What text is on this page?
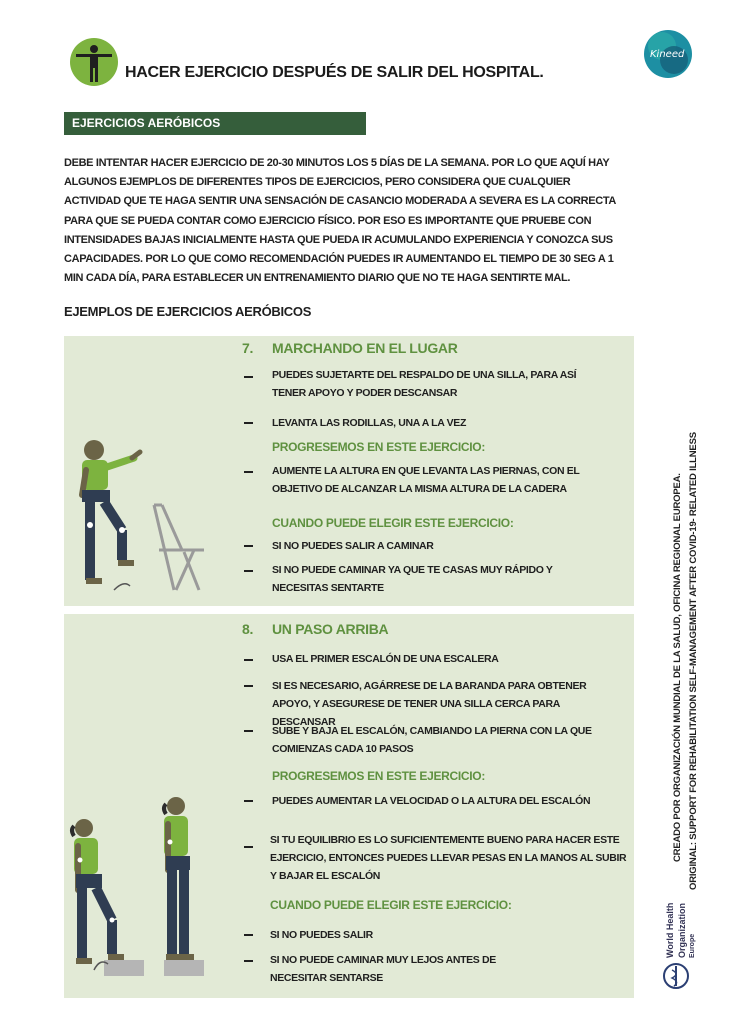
HACER EJERCICIO DESPUÉS DE SALIR DEL HOSPITAL.
Kineed
EJERCICIOS AERÓBICOS
DEBE INTENTAR HACER EJERCICIO DE 20-30 MINUTOS LOS 5 DÍAS DE LA SEMANA. POR LO QUE AQUÍ HAY ALGUNOS EJEMPLOS DE DIFERENTES TIPOS DE EJERCICIOS, PERO CONSIDERA QUE CUALQUIER ACTIVIDAD QUE TE HAGA SENTIR UNA SENSACIÓN DE CASANCIO MODERADA A SEVERA ES LA CORRECTA PARA QUE SE PUEDA CONTAR COMO EJERCICIO FÍSICO. POR ESO ES IMPORTANTE QUE PRUEBE CON INTENSIDADES BAJAS INICIALMENTE HASTA QUE PUEDA IR ACUMULANDO EXPERIENCIA Y CONOZCA SUS CAPACIDADES. POR LO QUE COMO RECOMENDACIÓN PUEDES IR AUMENTANDO EL TIEMPO DE 30 SEG A 1 MIN CADA DÍA, PARA ESTABLECER UN ENTRENAMIENTO DIARIO QUE NO TE HAGA SENTIRTE MAL.
EJEMPLOS DE EJERCICIOS AERÓBICOS
7. MARCHANDO EN EL LUGAR
PUEDES SUJETARTE DEL RESPALDO DE UNA SILLA, PARA ASÍ TENER APOYO Y PODER DESCANSAR
LEVANTA LAS RODILLAS, UNA A LA VEZ
PROGRESEMOS EN ESTE EJERCICIO:
AUMENTE LA ALTURA EN QUE LEVANTA LAS PIERNAS, CON EL OBJETIVO DE ALCANZAR LA MISMA ALTURA DE LA CADERA
CUANDO PUEDE ELEGIR ESTE EJERCICIO:
SI NO PUEDES SALIR A CAMINAR
SI NO PUEDE CAMINAR YA QUE TE CASAS MUY RÁPIDO Y NECESITAS SENTARTE
8. UN PASO ARRIBA
USA EL PRIMER ESCALÓN DE UNA ESCALERA
SI ES NECESARIO, AGÁRRESE DE LA BARANDA PARA OBTENER APOYO, Y ASEGURESE DE TENER UNA SILLA CERCA PARA DESCANSAR
SUBE Y BAJA EL ESCALÓN, CAMBIANDO LA PIERNA CON LA QUE COMIENZAS CADA 10 PASOS
PROGRESEMOS EN ESTE EJERCICIO:
PUEDES AUMENTAR LA VELOCIDAD O LA ALTURA DEL ESCALÓN
SI TU EQUILIBRIO ES LO SUFICIENTEMENTE BUENO PARA HACER ESTE EJERCICIO, ENTONCES PUEDES LLEVAR PESAS EN LA MANOS AL SUBIR Y BAJAR EL ESCALÓN
CUANDO PUEDE ELEGIR ESTE EJERCICIO:
SI NO PUEDES SALIR
SI NO PUEDE CAMINAR MUY LEJOS ANTES DE NECESITAR SENTARSE
CREADO POR ORGANIZACIÓN MUNDIAL DE LA SALUD, OFICINA REGIONAL EUROPEA. ORIGINAL: SUPPORT FOR REHABILITATION SELF-MANAGEMENT AFTER COVID-19- RELATED ILLNESS
World Health Organization Europe
